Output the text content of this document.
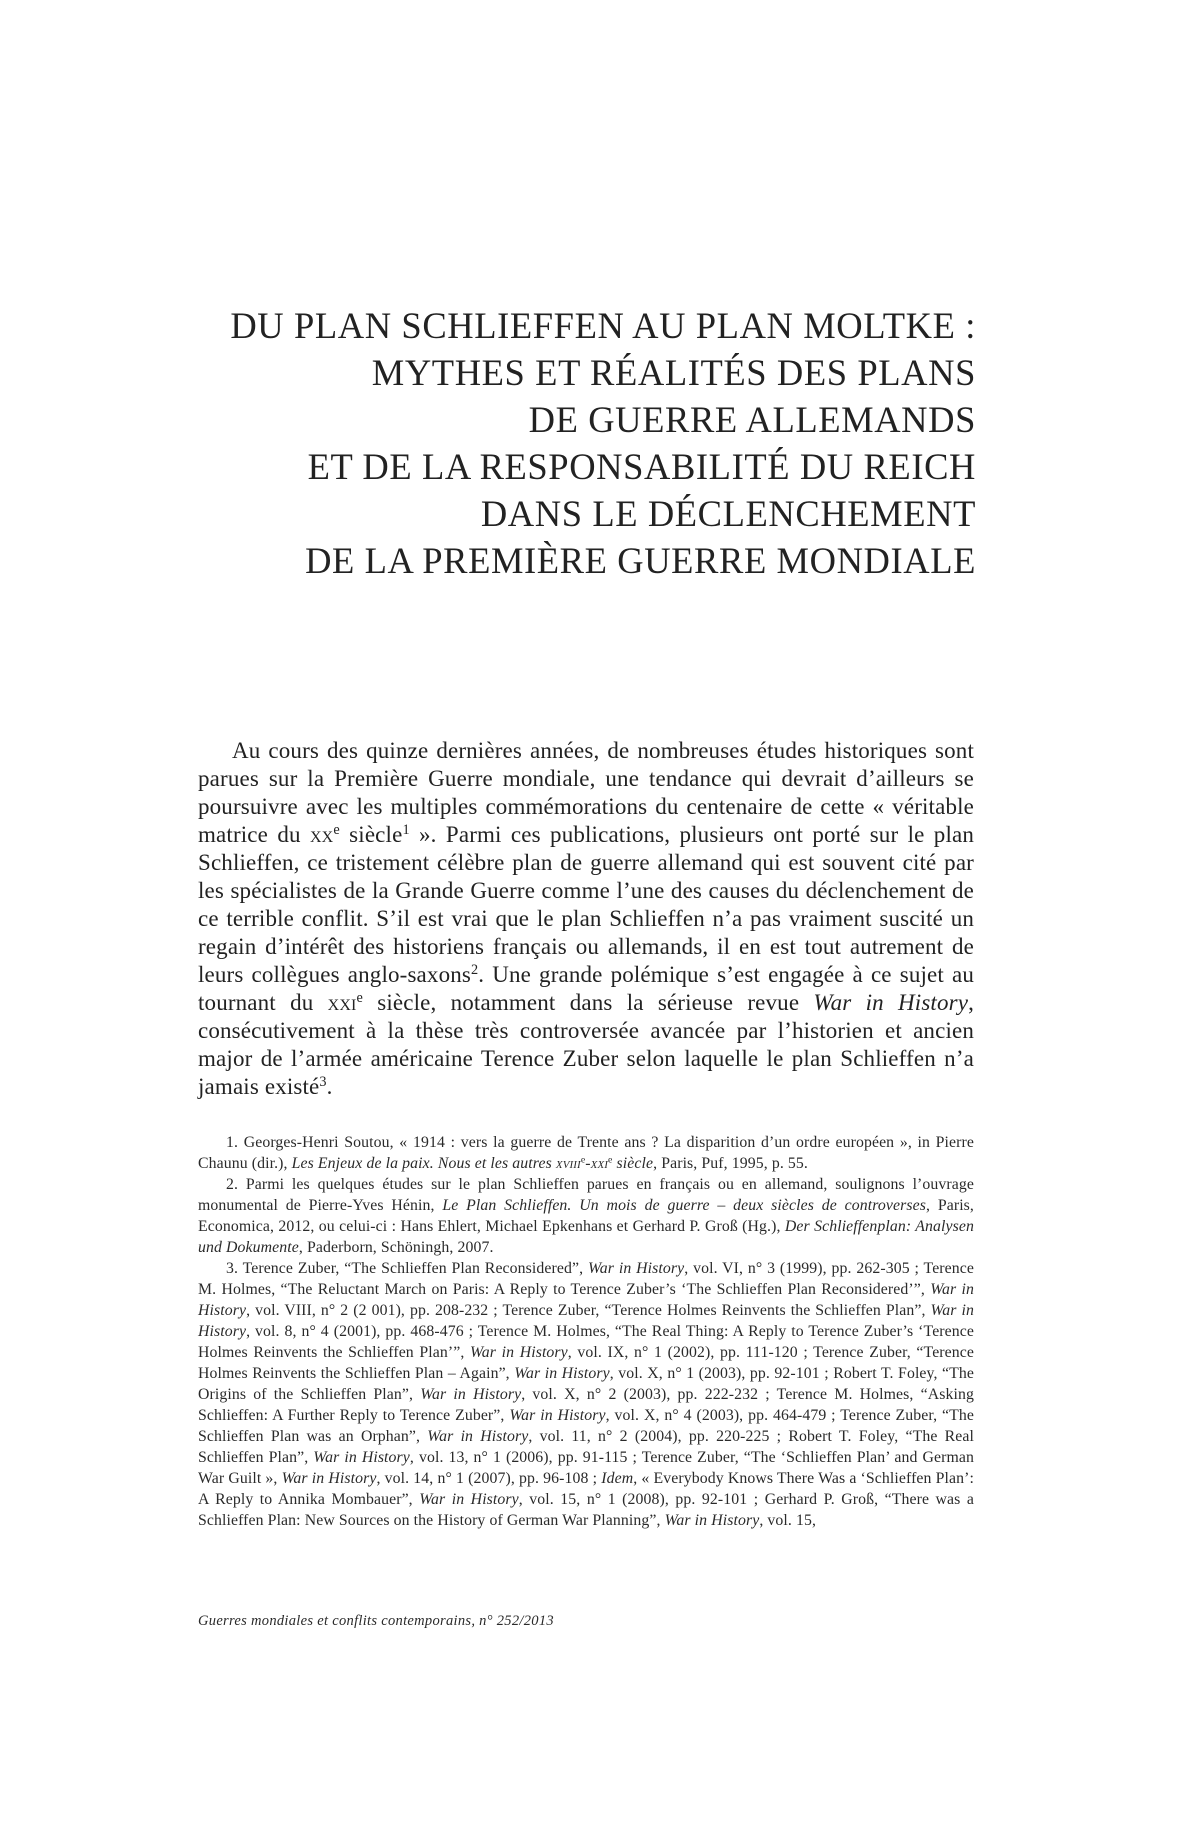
DU PLAN SCHLIEFFEN AU PLAN MOLTKE :
MYTHES ET RÉALITÉS DES PLANS
DE GUERRE ALLEMANDS
ET DE LA RESPONSABILITÉ DU REICH
DANS LE DÉCLENCHEMENT
DE LA PREMIÈRE GUERRE MONDIALE

Au cours des quinze dernières années, de nombreuses études historiques sont parues sur la Première Guerre mondiale, une tendance qui devrait d’ailleurs se poursuivre avec les multiples commémorations du centenaire de cette « véritable matrice du $xx^e$ siècle$^1$ ». Parmi ces publications, plusieurs ont porté sur le plan Schlieffen, ce tristement célèbre plan de guerre allemand qui est souvent cité par les spécialistes de la Grande Guerre comme l’une des causes du déclenchement de ce terrible conflit. S’il est vrai que le plan Schlieffen n’a pas vraiment suscité un regain d’intérêt des historiens français ou allemands, il en est tout autrement de leurs collègues anglo-saxons$^2$. Une grande polémique s’est engagée à ce sujet au tournant du xxi$^e$ siècle, notamment dans la sérieuse revue War in History, consécutivement à la thèse très controversée avancée par l’historien et ancien major de l’armée américaine Terence Zuber selon laquelle le plan Schlieffen n’a jamais existé$^3$.

1. Georges-Henri Soutou, « 1914 : vers la guerre de Trente ans ? La disparition d’un ordre européen », in Pierre Chaunu (dir.), Les Enjeux de la paix. Nous et les autres xviii$^e$-xxi$^e$ siècle, Paris, Puf, 1995, p. 55.

2. Parmi les quelques études sur le plan Schlieffen parues en français ou en allemand, soulignons l’ouvrage monumental de Pierre-Yves Hénin, Le Plan Schlieffen. Un mois de guerre – deux siècles de controverses, Paris, Economica, 2012, ou celui-ci : Hans Ehlert, Michael Epkenhans et Gerhard P. Groß (Hg.), Der Schlieffenplan: Analysen und Dokumente, Paderborn, Schöningh, 2007.

3. Terence Zuber, “The Schlieffen Plan Reconsidered”, War in History, vol. VI, n° 3 (1999), pp. 262-305 ; Terence M. Holmes, “The Reluctant March on Paris: A Reply to Terence Zuber’s ‘The Schlieffen Plan Reconsidered’”, War in History, vol. VIII, n° 2 (2 001), pp. 208-232 ; Terence Zuber, “Terence Holmes Reinvents the Schlieffen Plan”, War in History, vol. 8, n° 4 (2001), pp. 468-476 ; Terence M. Holmes, “The Real Thing: A Reply to Terence Zuber’s ‘Terence Holmes Reinvents the Schlieffen Plan’”, War in History, vol. IX, n° 1 (2002), pp. 111-120 ; Terence Zuber, “Terence Holmes Reinvents the Schlieffen Plan – Again”, War in History, vol. X, n° 1 (2003), pp. 92-101 ; Robert T. Foley, “The Origins of the Schlieffen Plan”, War in History, vol. X, n° 2 (2003), pp. 222-232 ; Terence M. Holmes, “Asking Schlieffen: A Further Reply to Terence Zuber”, War in History, vol. X, n° 4 (2003), pp. 464-479 ; Terence Zuber, “The Schlieffen Plan was an Orphan”, War in History, vol. 11, n° 2 (2004), pp. 220-225 ; Robert T. Foley, “The Real Schlieffen Plan”, War in History, vol. 13, n° 1 (2006), pp. 91-115 ; Terence Zuber, “The ‘Schlieffen Plan’ and German War Guilt », War in History, vol. 14, n° 1 (2007), pp. 96-108 ; Idem, « Everybody Knows There Was a ‘Schlieffen Plan’: A Reply to Annika Mombauer”, War in History, vol. 15, n° 1 (2008), pp. 92-101 ; Gerhard P. Groß, “There was a Schlieffen Plan: New Sources on the History of German War Planning”, War in History, vol. 15,

Guerres mondiales et conflits contemporains, n° 252/2013
